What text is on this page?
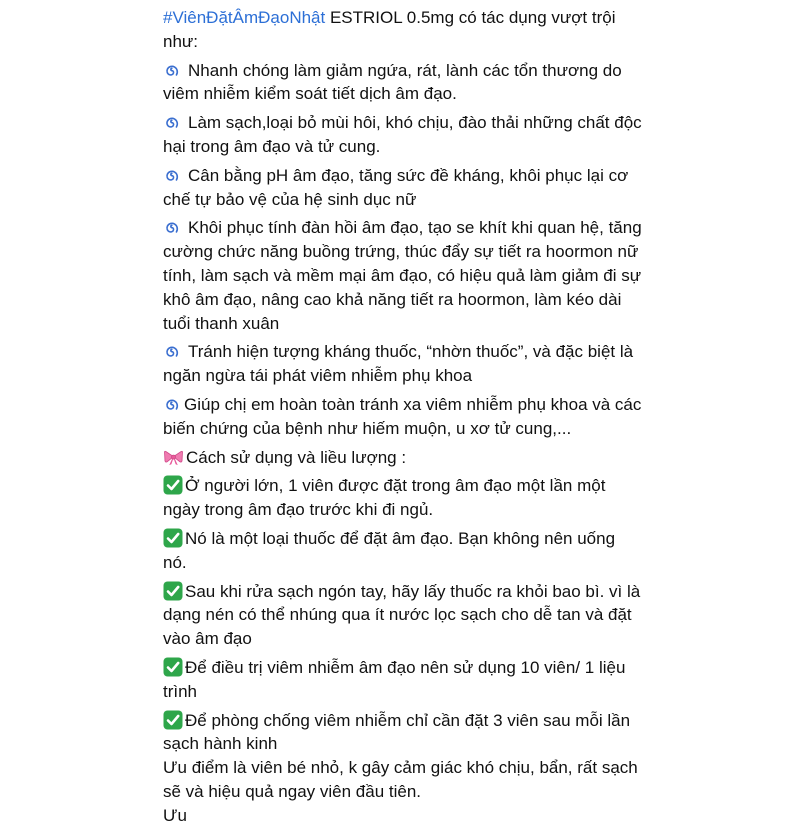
#ViênĐặtÂmĐạoNhật ESTRIOL 0.5mg có tác dụng vượt trội như:

Nhanh chóng làm giảm ngứa, rát, lành các tổn thương do viêm nhiễm kiểm soát tiết dịch âm đạo.

Làm sạch,loại bỏ mùi hôi, khó chịu, đào thải những chất độc hại trong âm đạo và tử cung.

Cân bằng pH âm đạo, tăng sức đề kháng, khôi phục lại cơ chế tự bảo vệ của hệ sinh dục nữ

Khôi phục tính đàn hồi âm đạo, tạo se khít khi quan hệ, tăng cường chức năng buồng trứng, thúc đẩy sự tiết ra hoormon nữ tính, làm sạch và mềm mại âm đạo, có hiệu quả làm giảm đi sự khô âm đạo, nâng cao khả năng tiết ra hoormon, làm kéo dài tuổi thanh xuân

Tránh hiện tượng kháng thuốc, “nhờn thuốc”, và đặc biệt là ngăn ngừa tái phát viêm nhiễm phụ khoa

Giúp chị em hoàn toàn tránh xa viêm nhiễm phụ khoa và các biến chứng của bệnh như hiếm muộn, u xơ tử cung,...

Cách sử dụng và liều lượng :

Ở người lớn, 1 viên được đặt trong âm đạo một lần một ngày trong âm đạo trước khi đi ngủ.

Nó là một loại thuốc để đặt âm đạo. Bạn không nên uống nó.

Sau khi rửa sạch ngón tay, hãy lấy thuốc ra khỏi bao bì. vì là dạng nén có thể nhúng qua ít nước lọc sạch cho dễ tan và đặt vào âm đạo

Để điều trị viêm nhiễm âm đạo nên sử dụng 10 viên/ 1 liệu trình

Để phòng chống viêm nhiễm chỉ cần đặt 3 viên sau mỗi lần sạch hành kinh

Ưu điểm là viên bé nhỏ, k gây cảm giác khó chịu, bẩn, rất sạch sẽ và hiệu quả ngay viên đầu tiên.

Ưu
